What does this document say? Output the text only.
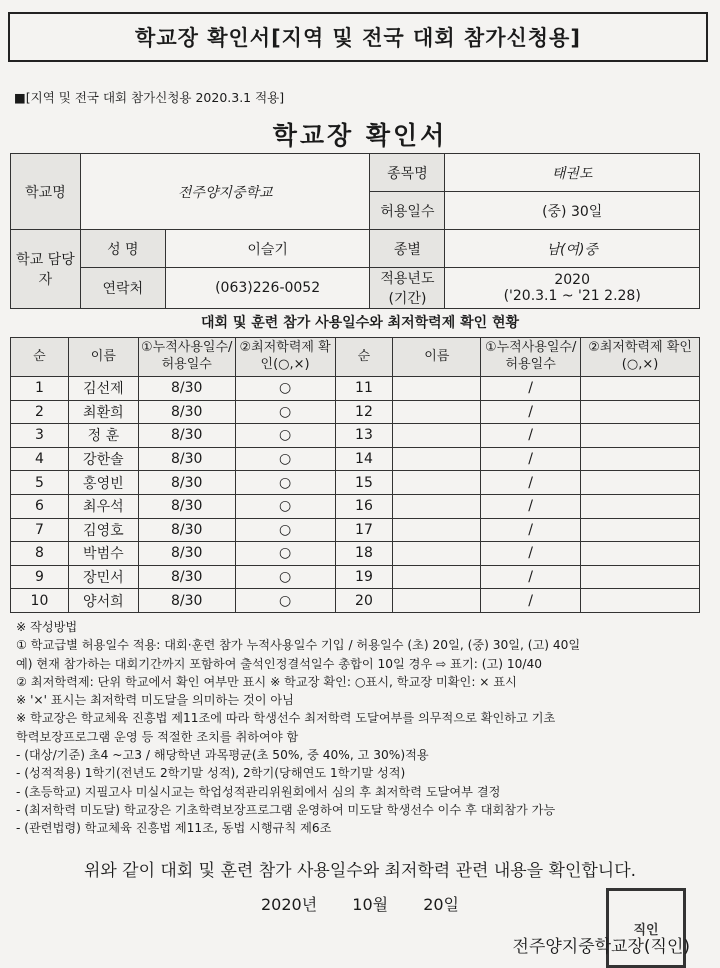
학교장 확인서[지역 및 전국 대회 참가신청용]
■[지역 및 전국 대회 참가신청용 2020.3.1 적용]
학교장 확인서
학교명	전주양지중학교		종목명	태권도
			허용일수	(중) 30일
학교 담당자	성 명	이슬기	종별	남(여)중
	연락처	(063)226-0052	적용년도 (기간)	2020
('20.3.1 ~ '21 2.28)
대회 및 훈련 참가 사용일수와 최저학력제 확인 현황
순	이름	①누적사용일수/허용일수	②최저학력제 확인(○,×)	순	이름	①누적사용일수/허용일수	②최저학력제 확인(○,×)
1	김선제	8/30	○	11		/	
2	최환희	8/30	○	12		/	
3	정 훈	8/30	○	13		/	
4	강한솔	8/30	○	14		/	
5	홍영빈	8/30	○	15		/	
6	최우석	8/30	○	16		/	
7	김영호	8/30	○	17		/	
8	박범수	8/30	○	18		/	
9	장민서	8/30	○	19		/	
10	양서희	8/30	○	20		/	
※ 작성방법
① 학교급별 허용일수 적용: 대회·훈련 참가 누적사용일수 기입 / 허용일수 (초) 20일, (중) 30일, (고) 40일
예) 현재 참가하는 대회기간까지 포함하여 출석인정결석일수 총합이 10일 경우 ⇨ 표기: (고) 10/40
② 최저학력제: 단위 학교에서 확인 여부만 표시 ※ 학교장 확인: ○표시, 학교장 미확인: × 표시
※ '×' 표시는 최저학력 미도달을 의미하는 것이 아님
※ 학교장은 학교체육 진흥법 제11조에 따라 학생선수 최저학력 도달여부를 의무적으로 확인하고 기초
학력보장프로그램 운영 등 적절한 조치를 취하여야 함
- (대상/기준) 초4 ~고3 / 해당학년 과목평균(초 50%, 중 40%, 고 30%)적용
- (성적적용) 1학기(전년도 2학기말 성적), 2학기(당해연도 1학기말 성적)
- (초등학교) 지필고사 미실시교는 학업성적관리위원회에서 심의 후 최저학력 도달여부 결정
- (최저학력 미도달) 학교장은 기초학력보장프로그램 운영하여 미도달 학생선수 이수 후 대회참가 가능
- (관련법령) 학교체육 진흥법 제11조, 동법 시행규칙 제6조
위와 같이 대회 및 훈련 참가 사용일수와 최저학력 관련 내용을 확인합니다.
2020년 10월 20일
직인
전주양지중학교장(직인)
